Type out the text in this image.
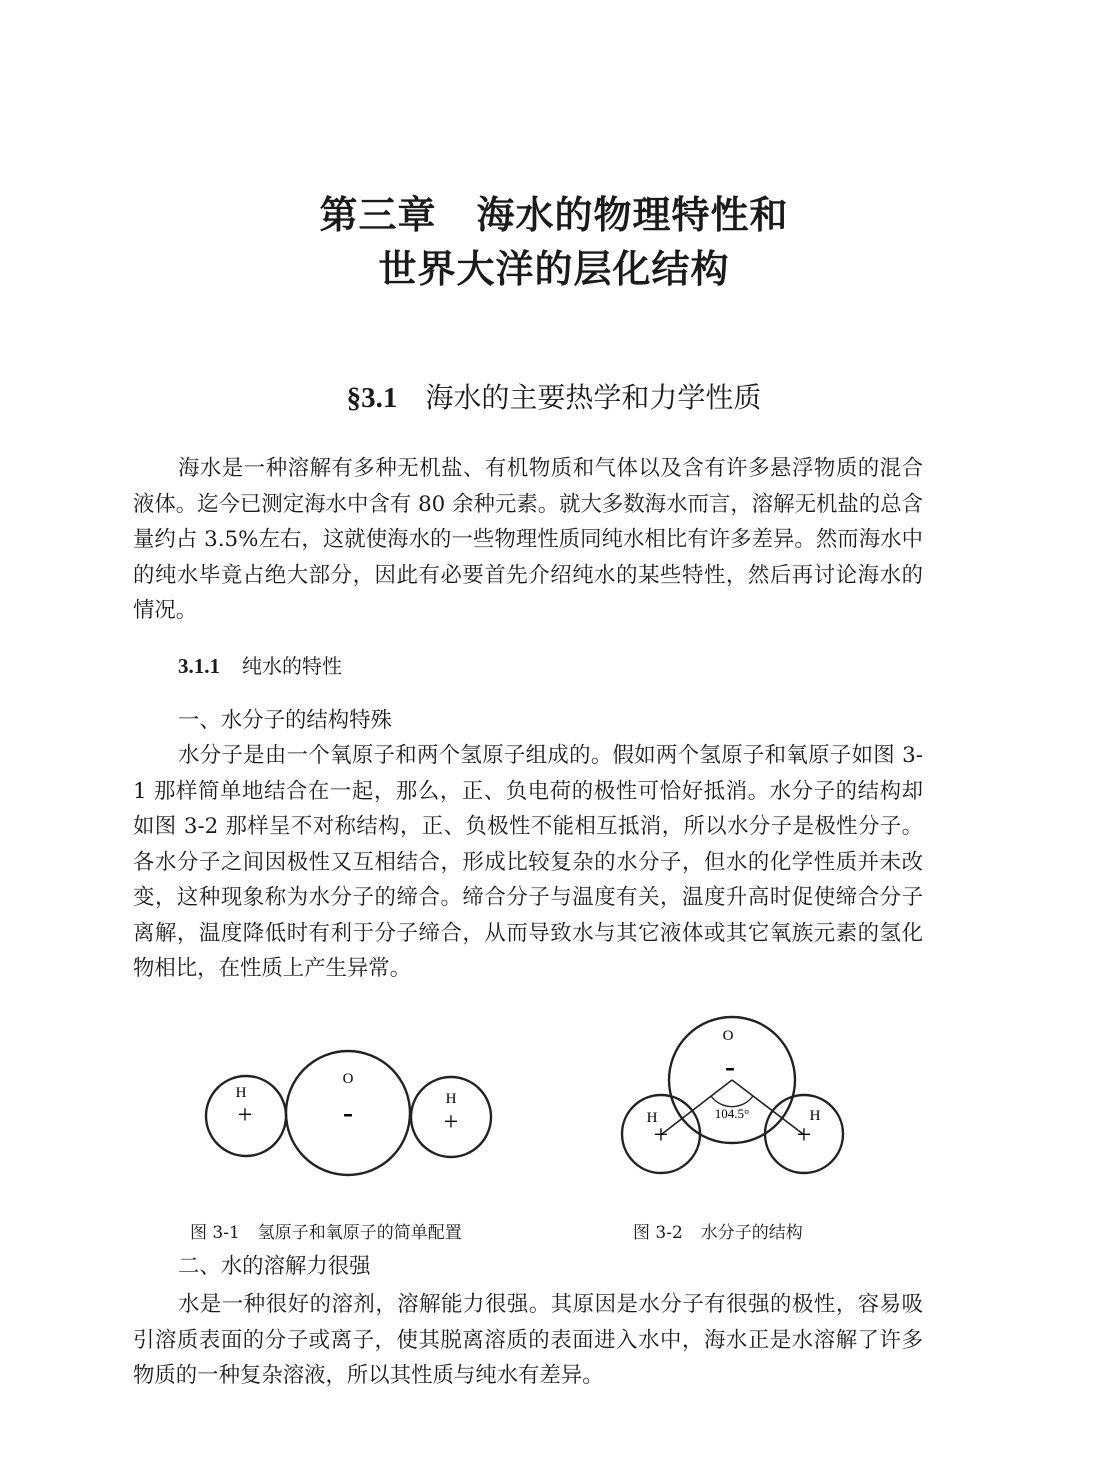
第三章 海水的物理特性和
世界大洋的层化结构
§3.1 海水的主要热学和力学性质

海水是一种溶解有多种无机盐、有机物质和气体以及含有许多悬浮物质的混合液体。迄今已测定海水中含有 80 余种元素。就大多数海水而言，溶解无机盐的总含量约占 3.5%左右，这就使海水的一些物理性质同纯水相比有许多差异。然而海水中的纯水毕竟占绝大部分，因此有必要首先介绍纯水的某些特性，然后再讨论海水的情况。

3.1.1 纯水的特性
一、水分子的结构特殊

水分子是由一个氧原子和两个氢原子组成的。假如两个氢原子和氧原子如图 3-1 那样简单地结合在一起，那么，正、负电荷的极性可恰好抵消。水分子的结构却如图 3-2 那样呈不对称结构，正、负极性不能相互抵消，所以水分子是极性分子。各水分子之间因极性又互相结合，形成比较复杂的水分子，但水的化学性质并未改变，这种现象称为水分子的缔合。缔合分子与温度有关，温度升高时促使缔合分子离解，温度降低时有利于分子缔合，从而导致水与其它液体或其它氧族元素的氢化物相比，在性质上产生异常。

H
+
O
-	H
+
O
-
104.5°
H
+
H
+
图 3-1 氢原子和氧原子的简单配置	图 3-2 水分子的结构
二、水的溶解力很强

水是一种很好的溶剂，溶解能力很强。其原因是水分子有很强的极性，容易吸引溶质表面的分子或离子，使其脱离溶质的表面进入水中，海水正是水溶解了许多物质的一种复杂溶液，所以其性质与纯水有差异。
